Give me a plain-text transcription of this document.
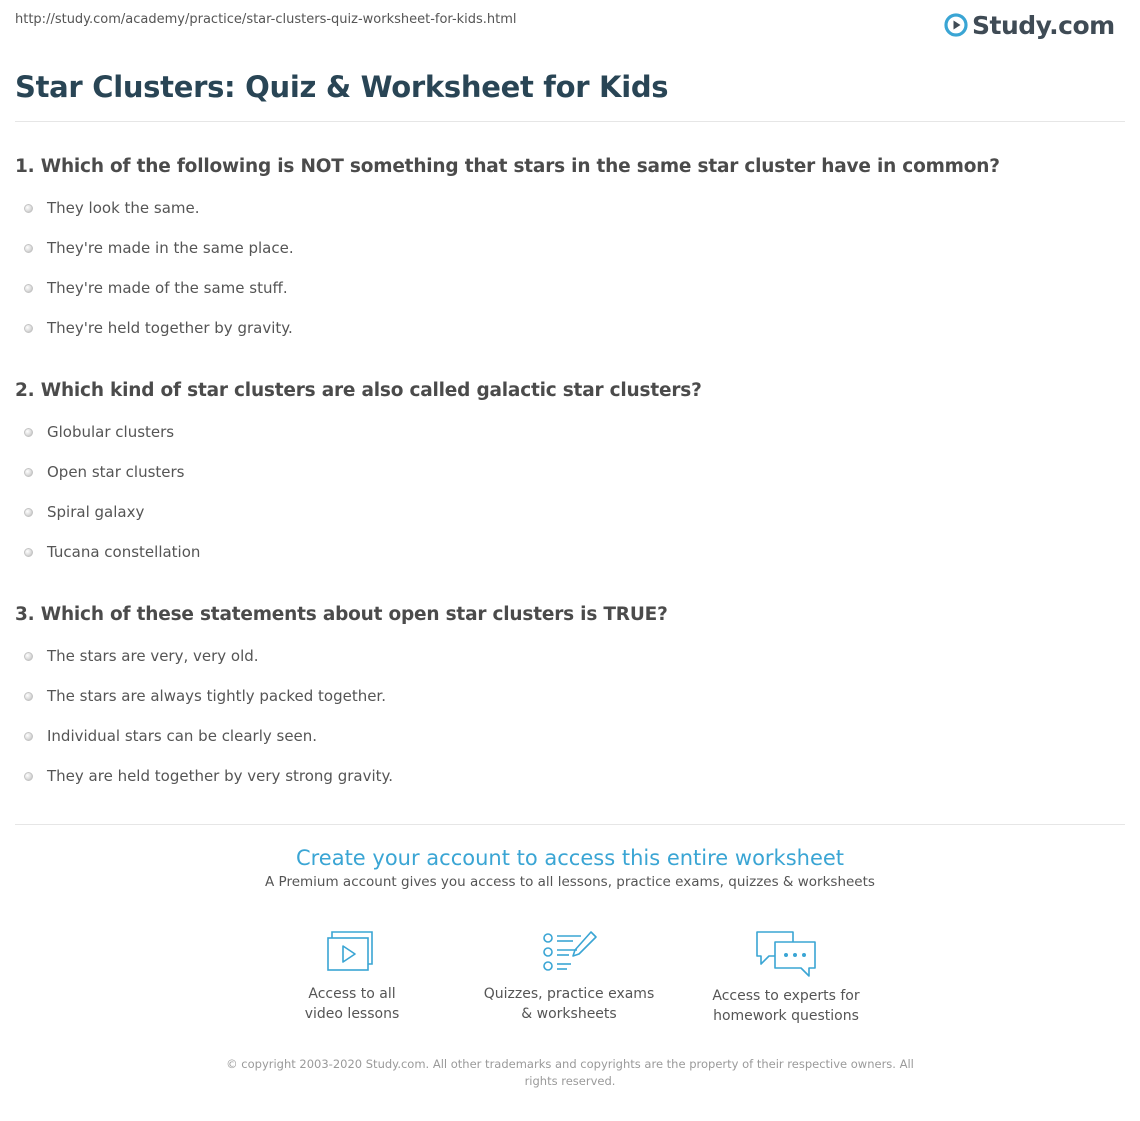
http://study.com/academy/practice/star-clusters-quiz-worksheet-for-kids.html	Study.com
Star Clusters: Quiz & Worksheet for Kids
1. Which of the following is NOT something that stars in the same star cluster have in common?
They look the same.
They're made in the same place.
They're made of the same stuff.
They're held together by gravity.
2. Which kind of star clusters are also called galactic star clusters?
Globular clusters
Open star clusters
Spiral galaxy
Tucana constellation
3. Which of these statements about open star clusters is TRUE?
The stars are very, very old.
The stars are always tightly packed together.
Individual stars can be clearly seen.
They are held together by very strong gravity.
Create your account to access this entire worksheet

A Premium account gives you access to all lessons, practice exams, quizzes & worksheets

Access to all
video lessons
Quizzes, practice exams
& worksheets
Access to experts for
homework questions
© copyright 2003-2020 Study.com. All other trademarks and copyrights are the property of their respective owners. All rights reserved.
